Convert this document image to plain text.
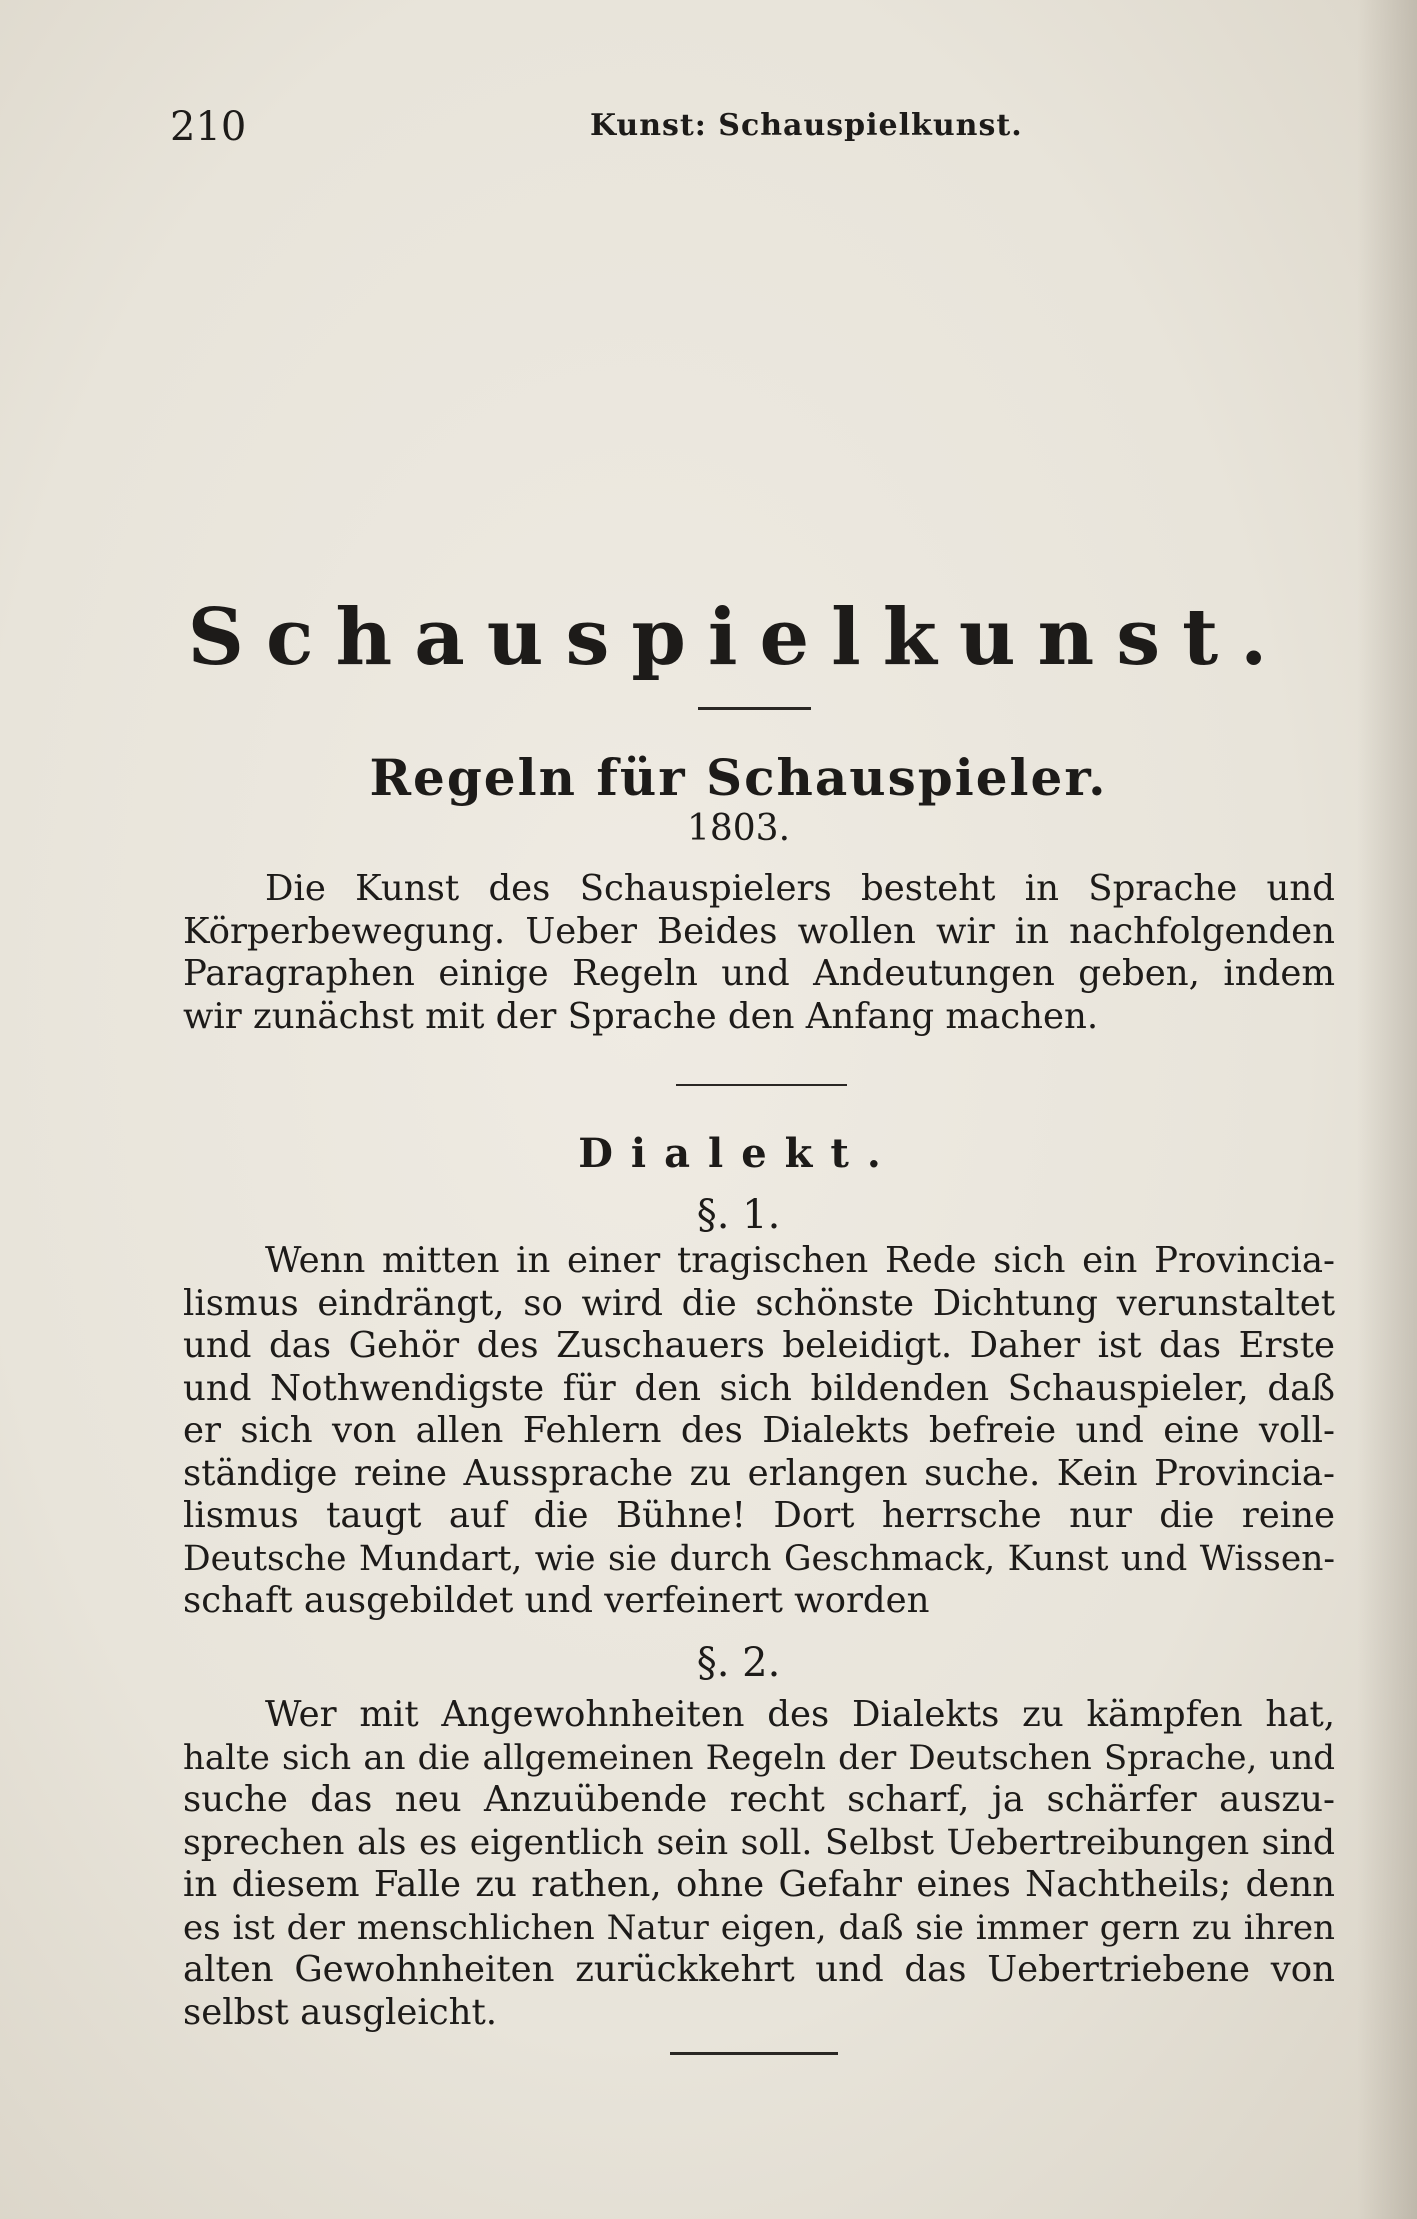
210	Kunst: Schauspielkunst.
Schauspielkunst.
Regeln für Schauspieler.
1803.
Die Kunst des Schauspielers besteht in Sprache und
Körperbewegung. Ueber Beides wollen wir in nachfolgenden
Paragraphen einige Regeln und Andeutungen geben, indem
wir zunächst mit der Sprache den Anfang machen.
Dialekt.
§. 1.
Wenn mitten in einer tragischen Rede sich ein Provincia-
lismus eindrängt, so wird die schönste Dichtung verunstaltet
und das Gehör des Zuschauers beleidigt. Daher ist das Erste
und Nothwendigste für den sich bildenden Schauspieler, daß
er sich von allen Fehlern des Dialekts befreie und eine voll-
ständige reine Aussprache zu erlangen suche. Kein Provincia-
lismus taugt auf die Bühne! Dort herrsche nur die reine
Deutsche Mundart, wie sie durch Geschmack, Kunst und Wissen-
schaft ausgebildet und verfeinert worden
§. 2.
Wer mit Angewohnheiten des Dialekts zu kämpfen hat,
halte sich an die allgemeinen Regeln der Deutschen Sprache, und
suche das neu Anzuübende recht scharf, ja schärfer auszu-
sprechen als es eigentlich sein soll. Selbst Uebertreibungen sind
in diesem Falle zu rathen, ohne Gefahr eines Nachtheils; denn
es ist der menschlichen Natur eigen, daß sie immer gern zu ihren
alten Gewohnheiten zurückkehrt und das Uebertriebene von
selbst ausgleicht.
